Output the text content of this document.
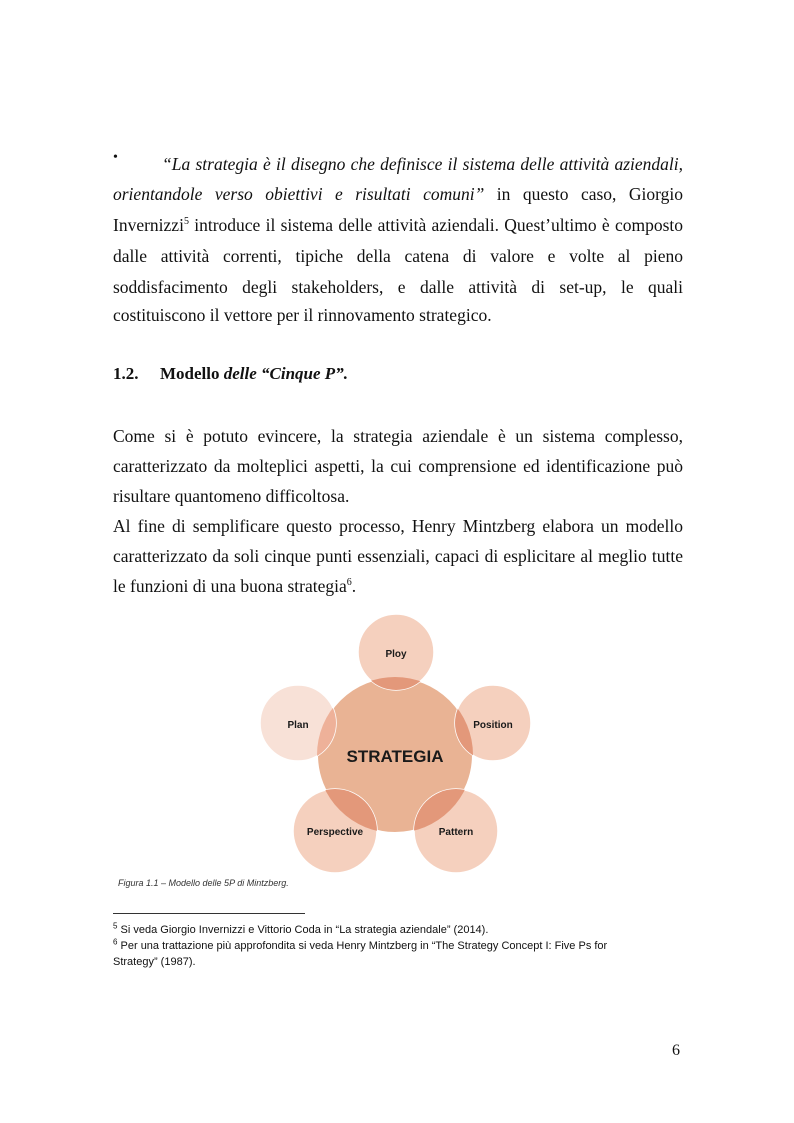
•	“La strategia è il disegno che definisce il sistema delle attività aziendali,
orientandole verso obiettivi e risultati comuni” in questo caso, Giorgio
Invernizzi$^5$ introduce il sistema delle attività aziendali. Quest’ultimo è composto
dalle attività correnti, tipiche della catena di valore e volte al pieno
soddisfacimento degli stakeholders, e dalle attività di set-up, le quali
costituiscono il vettore per il rinnovamento strategico.
1.2. Modello delle “Cinque P”.
Come si è potuto evincere, la strategia aziendale è un sistema complesso,
caratterizzato da molteplici aspetti, la cui comprensione ed identificazione può
risultare quantomeno difficoltosa.
Al fine di semplificare questo processo, Henry Mintzberg elabora un modello
caratterizzato da soli cinque punti essenziali, capaci di esplicitare al meglio tutte
le funzioni di una buona strategia$^6$.
STRATEGIA
Ploy
Position
Pattern
Perspective
Plan
Figura 1.1 – Modello delle 5P di Mintzberg.
$^5$ Si veda Giorgio Invernizzi e Vittorio Coda in “La strategia aziendale” (2014).
$^6$ Per una trattazione più approfondita si veda Henry Mintzberg in “The Strategy Concept I: Five Ps for
Strategy” (1987).
6
